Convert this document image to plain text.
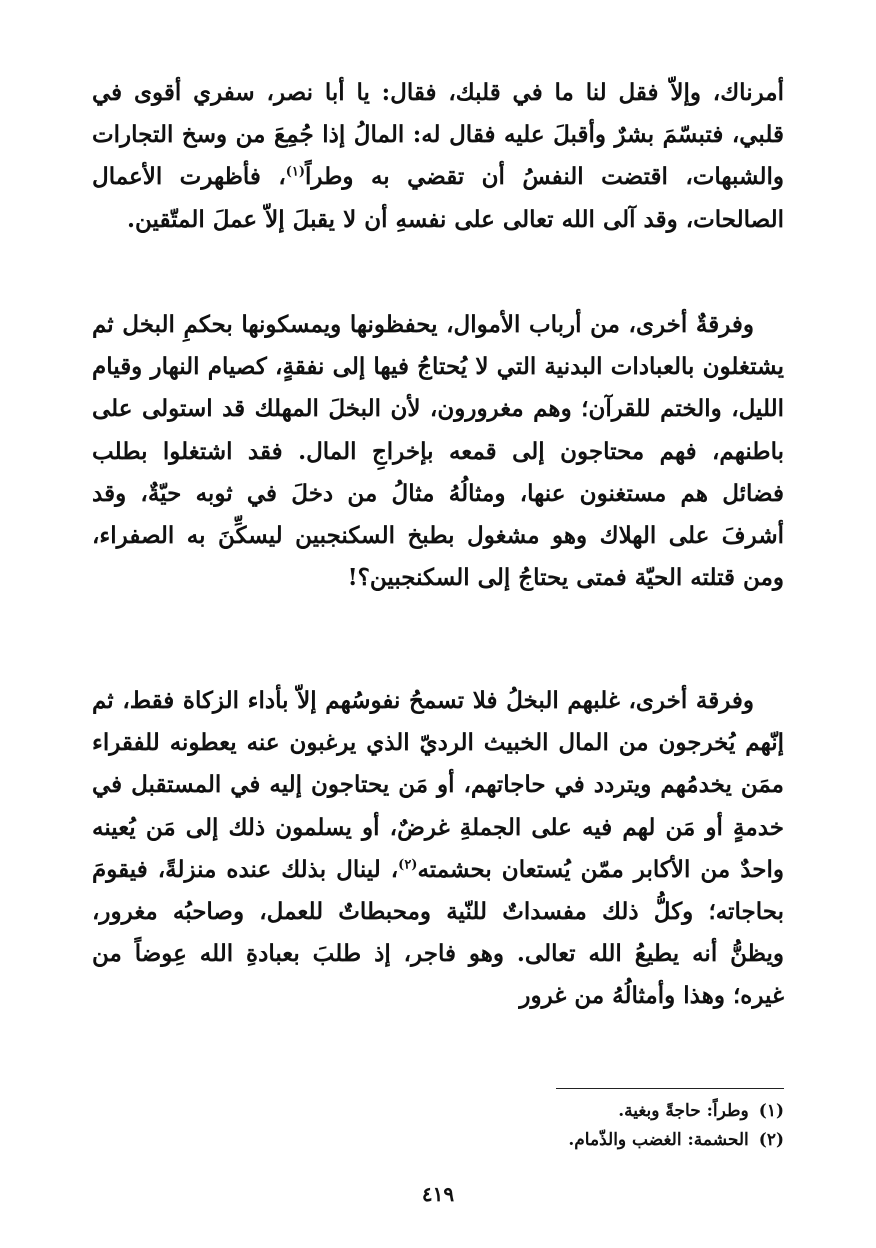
أمرناك، وإلاّ فقل لنا ما في قلبك، فقال: يا أبا نصر، سفري أقوى في قلبي، فتبسّمَ بشرٌ وأقبلَ عليه فقال له: المالُ إذا جُمِعَ من وسخ التجارات والشبهات، اقتضت النفسُ أن تقضي به وطراً$^{(١)}$، فأظهرت الأعمال الصالحات، وقد آلى الله تعالى على نفسهِ أن لا يقبلَ إلاّ عملَ المتّقين.

وفرقةٌ أخرى، من أرباب الأموال، يحفظونها ويمسكونها بحكمِ البخل ثم يشتغلون بالعبادات البدنية التي لا يُحتاجُ فيها إلى نفقةٍ، كصيام النهار وقيام الليل، والختم للقرآن؛ وهم مغرورون، لأن البخلَ المهلك قد استولى على باطنهم، فهم محتاجون إلى قمعه بإخراجِ المال. فقد اشتغلوا بطلب فضائل هم مستغنون عنها، ومثالُهُ مثالُ من دخلَ في ثوبه حيّةٌ، وقد أشرفَ على الهلاك وهو مشغول بطبخ السكنجبين ليسكِّنَ به الصفراء، ومن قتلته الحيّة فمتى يحتاجُ إلى السكنجبين؟!

وفرقة أخرى، غلبهم البخلُ فلا تسمحُ نفوسُهم إلاّ بأداء الزكاة فقط، ثم إنّهم يُخرجون من المال الخبيث الرديّ الذي يرغبون عنه يعطونه للفقراء ممَن يخدمُهم ويتردد في حاجاتهم، أو مَن يحتاجون إليه في المستقبل في خدمةٍ أو مَن لهم فيه على الجملةِ غرضٌ، أو يسلمون ذلك إلى مَن يُعينه واحدٌ من الأكابر ممّن يُستعان بحشمته$^{(٢)}$، لينال بذلك عنده منزلةً، فيقومَ بحاجاته؛ وكلُّ ذلك مفسداتٌ للنّية ومحبطاتٌ للعمل، وصاحبُه مغرور، ويظنُّ أنه يطيعُ الله تعالى. وهو فاجر، إذ طلبَ بعبادةِ الله عِوضاً من غيره؛ وهذا وأمثالُهُ من غرور

(١)وطراً: حاجةً وبغية.

(٢)الحشمة: الغضب والذّمام.

٤١٩
